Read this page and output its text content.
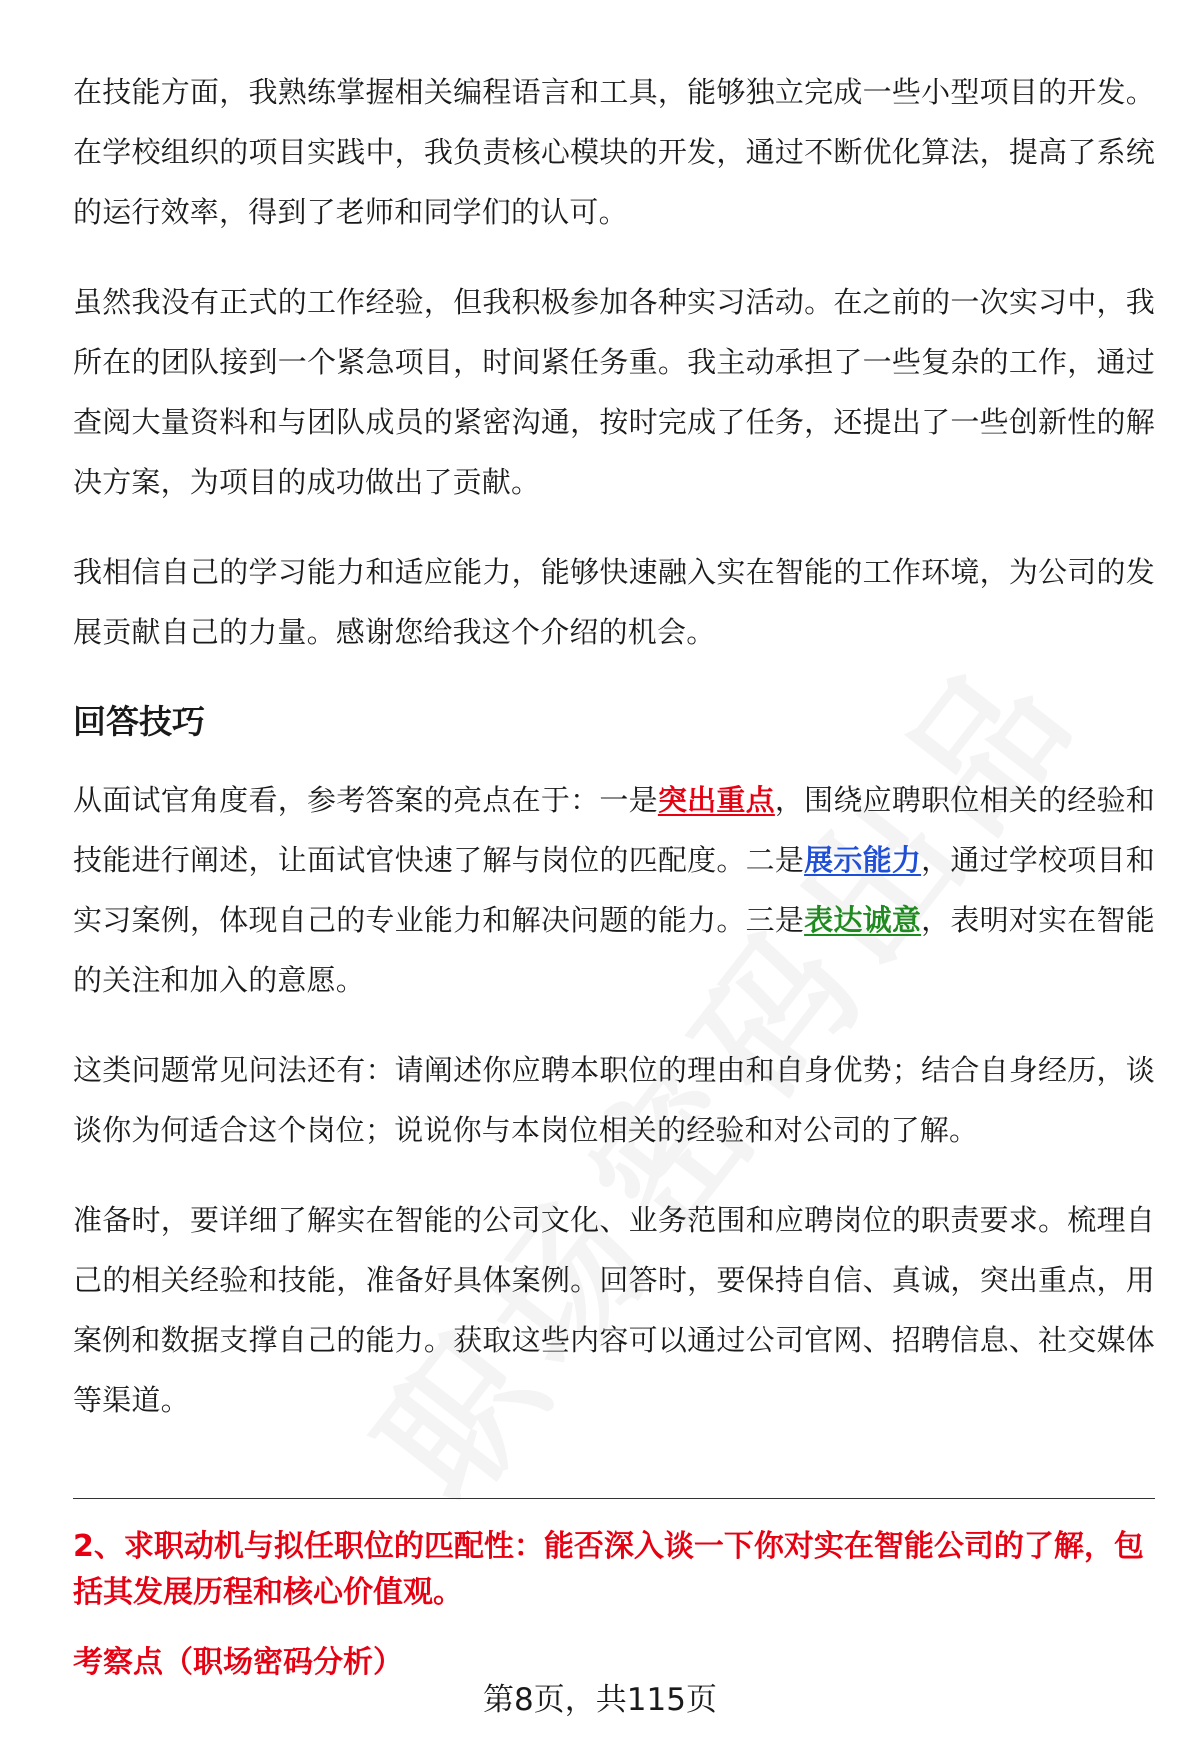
在技能方面，我熟练掌握相关编程语言和工具，能够独立完成一些小型项目的开发。在学校组织的项目实践中，我负责核心模块的开发，通过不断优化算法，提高了系统的运行效率，得到了老师和同学们的认可。

虽然我没有正式的工作经验，但我积极参加各种实习活动。在之前的一次实习中，我所在的团队接到一个紧急项目，时间紧任务重。我主动承担了一些复杂的工作，通过查阅大量资料和与团队成员的紧密沟通，按时完成了任务，还提出了一些创新性的解决方案，为项目的成功做出了贡献。

我相信自己的学习能力和适应能力，能够快速融入实在智能的工作环境，为公司的发展贡献自己的力量。感谢您给我这个介绍的机会。

回答技巧

从面试官角度看，参考答案的亮点在于：一是突出重点，围绕应聘职位相关的经验和技能进行阐述，让面试官快速了解与岗位的匹配度。二是展示能力，通过学校项目和实习案例，体现自己的专业能力和解决问题的能力。三是表达诚意，表明对实在智能的关注和加入的意愿。

这类问题常见问法还有：请阐述你应聘本职位的理由和自身优势；结合自身经历，谈谈你为何适合这个岗位；说说你与本岗位相关的经验和对公司的了解。

准备时，要详细了解实在智能的公司文化、业务范围和应聘岗位的职责要求。梳理自己的相关经验和技能，准备好具体案例。回答时，要保持自信、真诚，突出重点，用案例和数据支撑自己的能力。获取这些内容可以通过公司官网、招聘信息、社交媒体等渠道。

2、求职动机与拟任职位的匹配性：能否深入谈一下你对实在智能公司的了解，包括其发展历程和核心价值观。

考察点（职场密码分析）
第8页，共115页
